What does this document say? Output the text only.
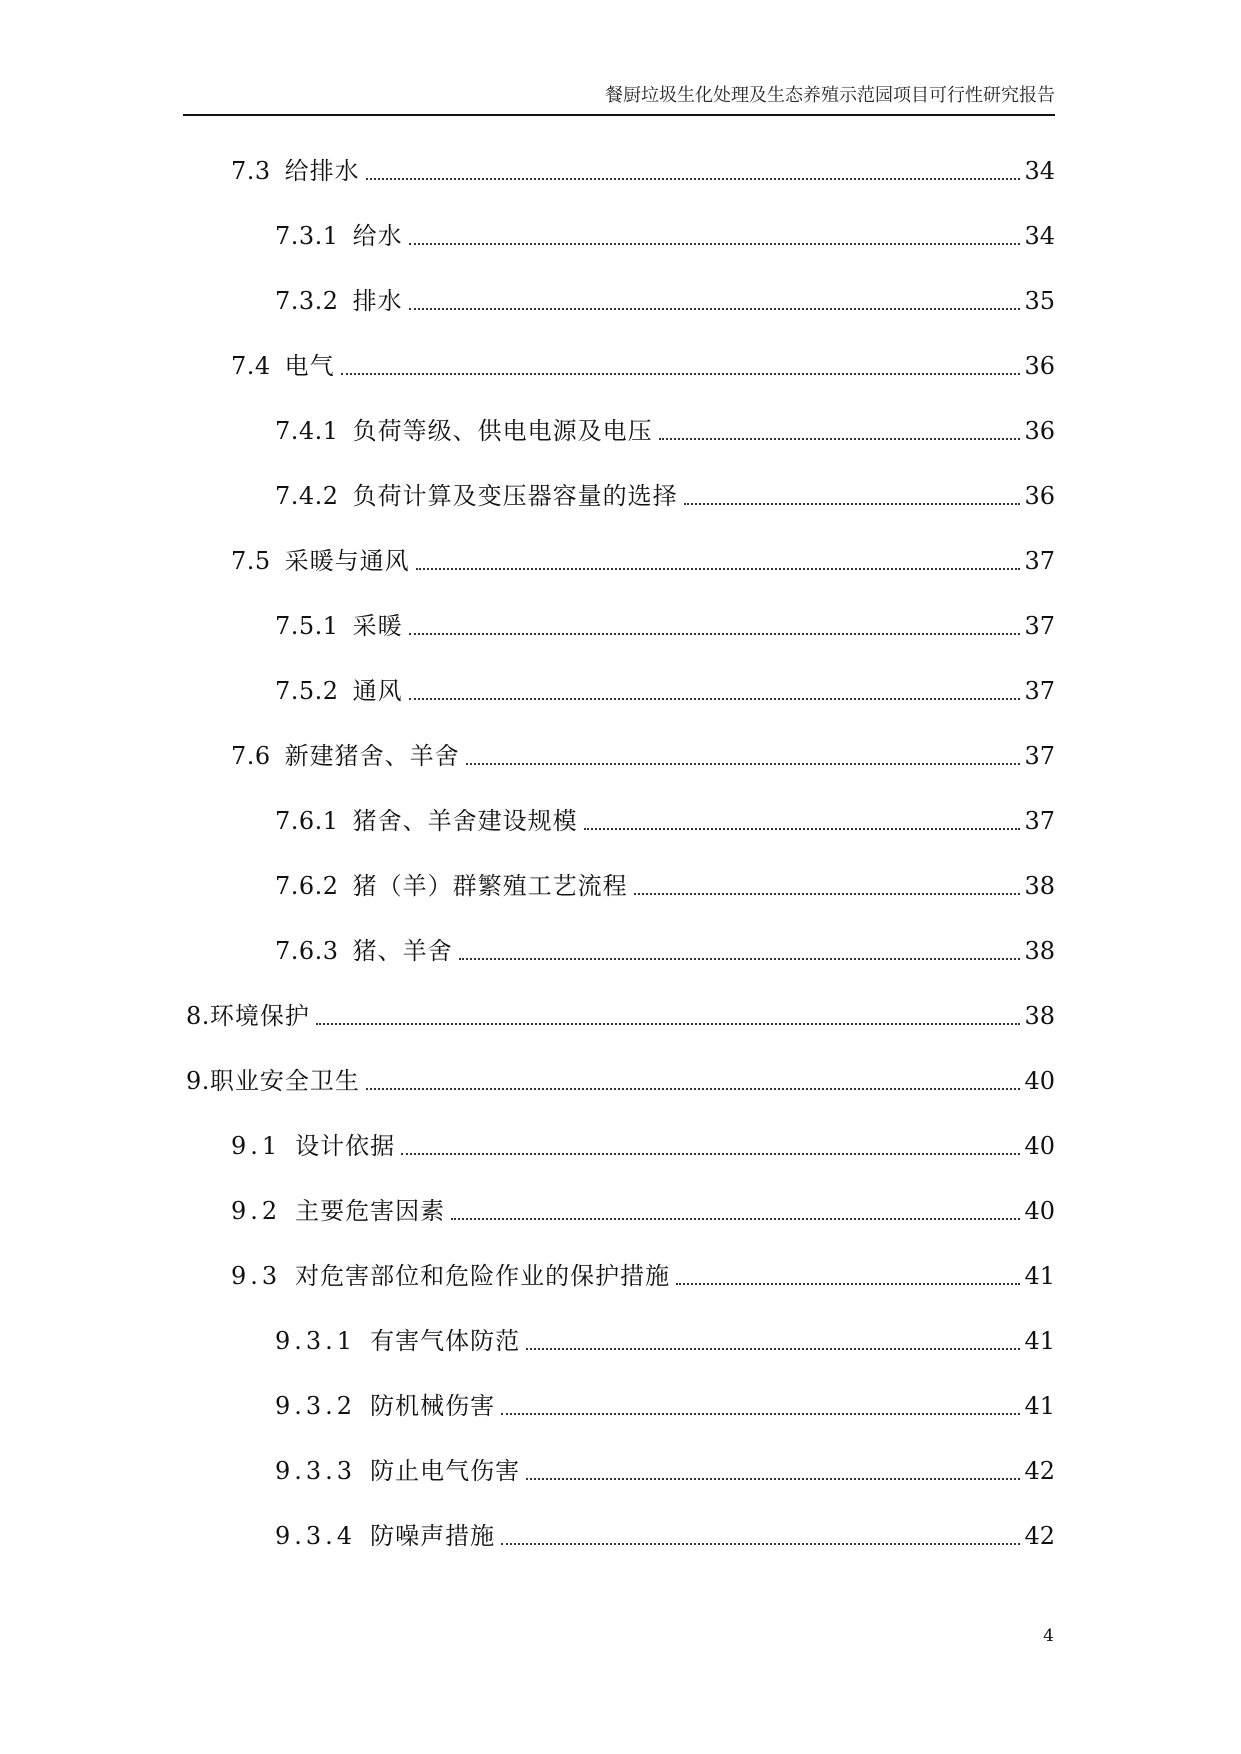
餐厨垃圾生化处理及生态养殖示范园项目可行性研究报告
7.3 给排水	34
7.3.1 给水	34
7.3.2 排水	35
7.4 电气	36
7.4.1 负荷等级、供电电源及电压	36
7.4.2 负荷计算及变压器容量的选择	36
7.5 采暖与通风	37
7.5.1 采暖	37
7.5.2 通风	37
7.6 新建猪舍、羊舍	37
7.6.1 猪舍、羊舍建设规模	37
7.6.2 猪（羊）群繁殖工艺流程	38
7.6.3 猪、羊舍	38
8. 环境保护	38
9. 职业安全卫生	40
9.1 设计依据	40
9.2 主要危害因素	40
9.3 对危害部位和危险作业的保护措施	41
9.3.1 有害气体防范	41
9.3.2 防机械伤害	41
9.3.3 防止电气伤害	42
9.3.4 防噪声措施	42
4
